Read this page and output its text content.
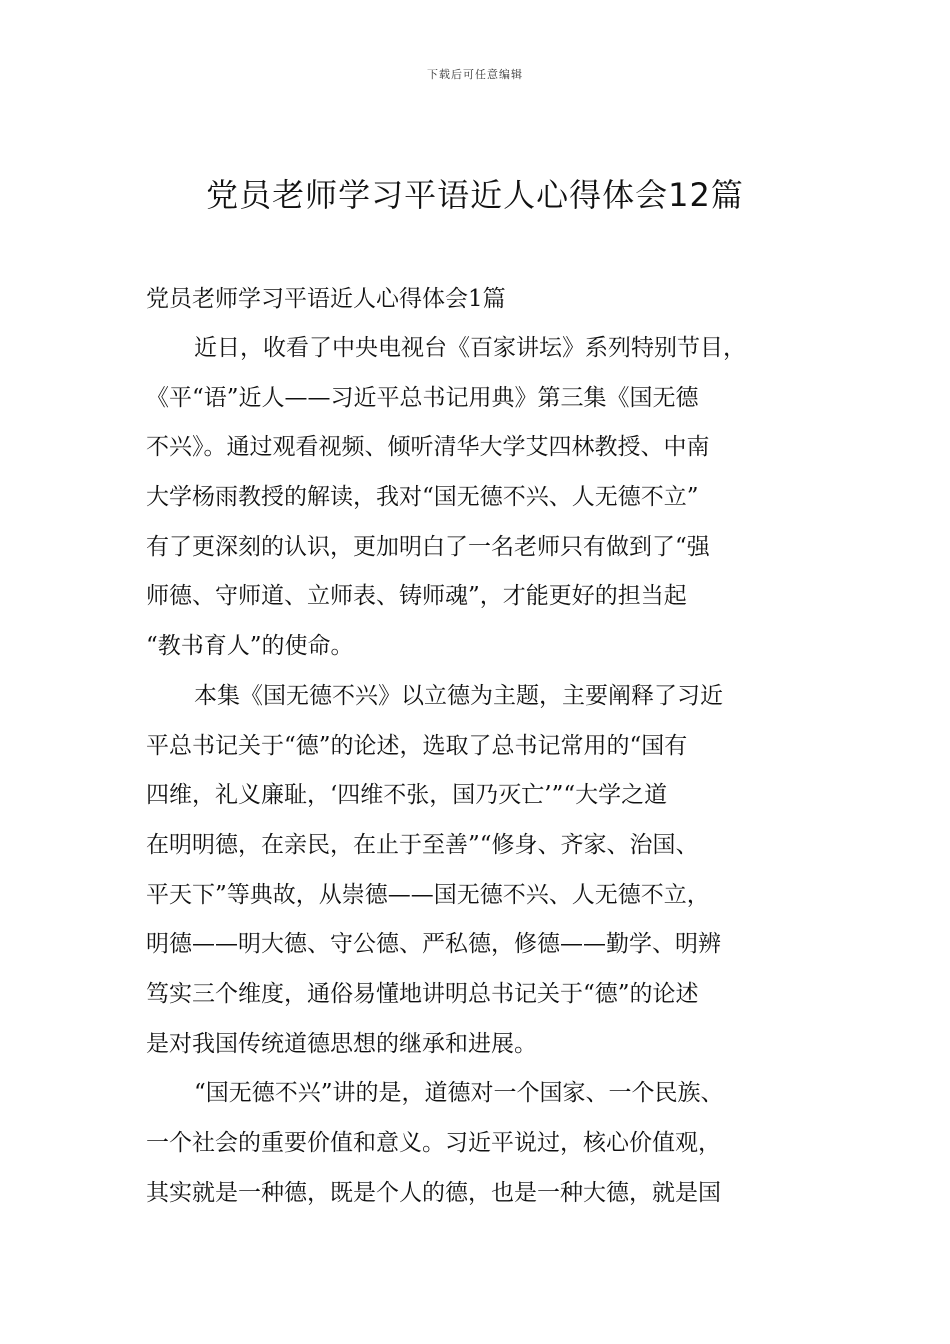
下载后可任意编辑
党员老师学习平语近人心得体会12篇
党员老师学习平语近人心得体会1篇
近日，收看了中央电视台《百家讲坛》系列特别节目，
《平“语”近人——习近平总书记用典》第三集《国无德
不兴》。通过观看视频、倾听清华大学艾四林教授、中南
大学杨雨教授的解读，我对“国无德不兴、人无德不立”
有了更深刻的认识，更加明白了一名老师只有做到了“强
师德、守师道、立师表、铸师魂”，才能更好的担当起
“教书育人”的使命。
本集《国无德不兴》以立德为主题，主要阐释了习近
平总书记关于“德”的论述，选取了总书记常用的“国有
四维，礼义廉耻，‘四维不张，国乃灭亡’”“大学之道
在明明德，在亲民，在止于至善”“修身、齐家、治国、
平天下”等典故，从崇德——国无德不兴、人无德不立，
明德——明大德、守公德、严私德，修德——勤学、明辨
笃实三个维度，通俗易懂地讲明总书记关于“德”的论述
是对我国传统道德思想的继承和进展。
“国无德不兴”讲的是，道德对一个国家、一个民族、
一个社会的重要价值和意义。习近平说过，核心价值观，
其实就是一种德，既是个人的德，也是一种大德，就是国
